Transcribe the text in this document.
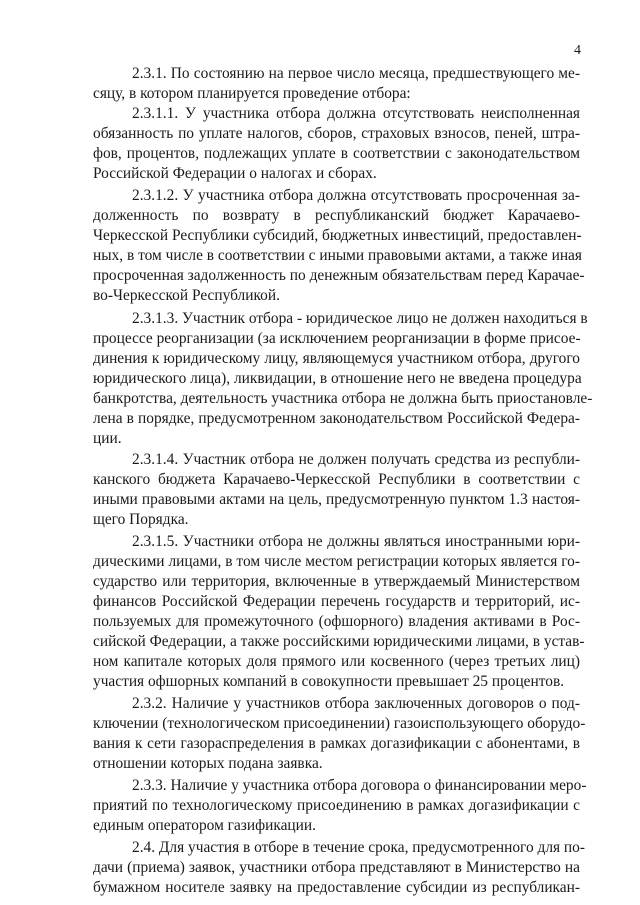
4
2.3.1. По состоянию на первое число месяца, предшествующего ме-
сяцу, в котором планируется проведение отбора:
2.3.1.1. У участника отбора должна отсутствовать неисполненная
обязанность по уплате налогов, сборов, страховых взносов, пеней, штра-
фов, процентов, подлежащих уплате в соответствии с законодательством
Российской Федерации о налогах и сборах.
2.3.1.2. У участника отбора должна отсутствовать просроченная за-
долженность по возврату в республиканский бюджет Карачаево-
Черкесской Республики субсидий, бюджетных инвестиций, предоставлен-
ных, в том числе в соответствии с иными правовыми актами, а также иная
просроченная задолженность по денежным обязательствам перед Карачае-
во-Черкесской Республикой.
2.3.1.3. Участник отбора - юридическое лицо не должен находиться в
процессе реорганизации (за исключением реорганизации в форме присое-
динения к юридическому лицу, являющемуся участником отбора, другого
юридического лица), ликвидации, в отношение него не введена процедура
банкротства, деятельность участника отбора не должна быть приостановле-
лена в порядке, предусмотренном законодательством Российской Федера-
ции.
2.3.1.4. Участник отбора не должен получать средства из республи-
канского бюджета Карачаево-Черкесской Республики в соответствии с
иными правовыми актами на цель, предусмотренную пунктом 1.3 настоя-
щего Порядка.
2.3.1.5. Участники отбора не должны являться иностранными юри-
дическими лицами, в том числе местом регистрации которых является го-
сударство или территория, включенные в утверждаемый Министерством
финансов Российской Федерации перечень государств и территорий, ис-
пользуемых для промежуточного (офшорного) владения активами в Рос-
сийской Федерации, а также российскими юридическими лицами, в устав-
ном капитале которых доля прямого или косвенного (через третьих лиц)
участия офшорных компаний в совокупности превышает 25 процентов.
2.3.2. Наличие у участников отбора заключенных договоров о под-
ключении (технологическом присоединении) газоиспользующего оборудо-
вания к сети газораспределения в рамках догазификации с абонентами, в
отношении которых подана заявка.
2.3.3. Наличие у участника отбора договора о финансировании меро-
приятий по технологическому присоединению в рамках догазификации с
единым оператором газификации.
2.4. Для участия в отборе в течение срока, предусмотренного для по-
дачи (приема) заявок, участники отбора представляют в Министерство на
бумажном носителе заявку на предоставление субсидии из республикан-
